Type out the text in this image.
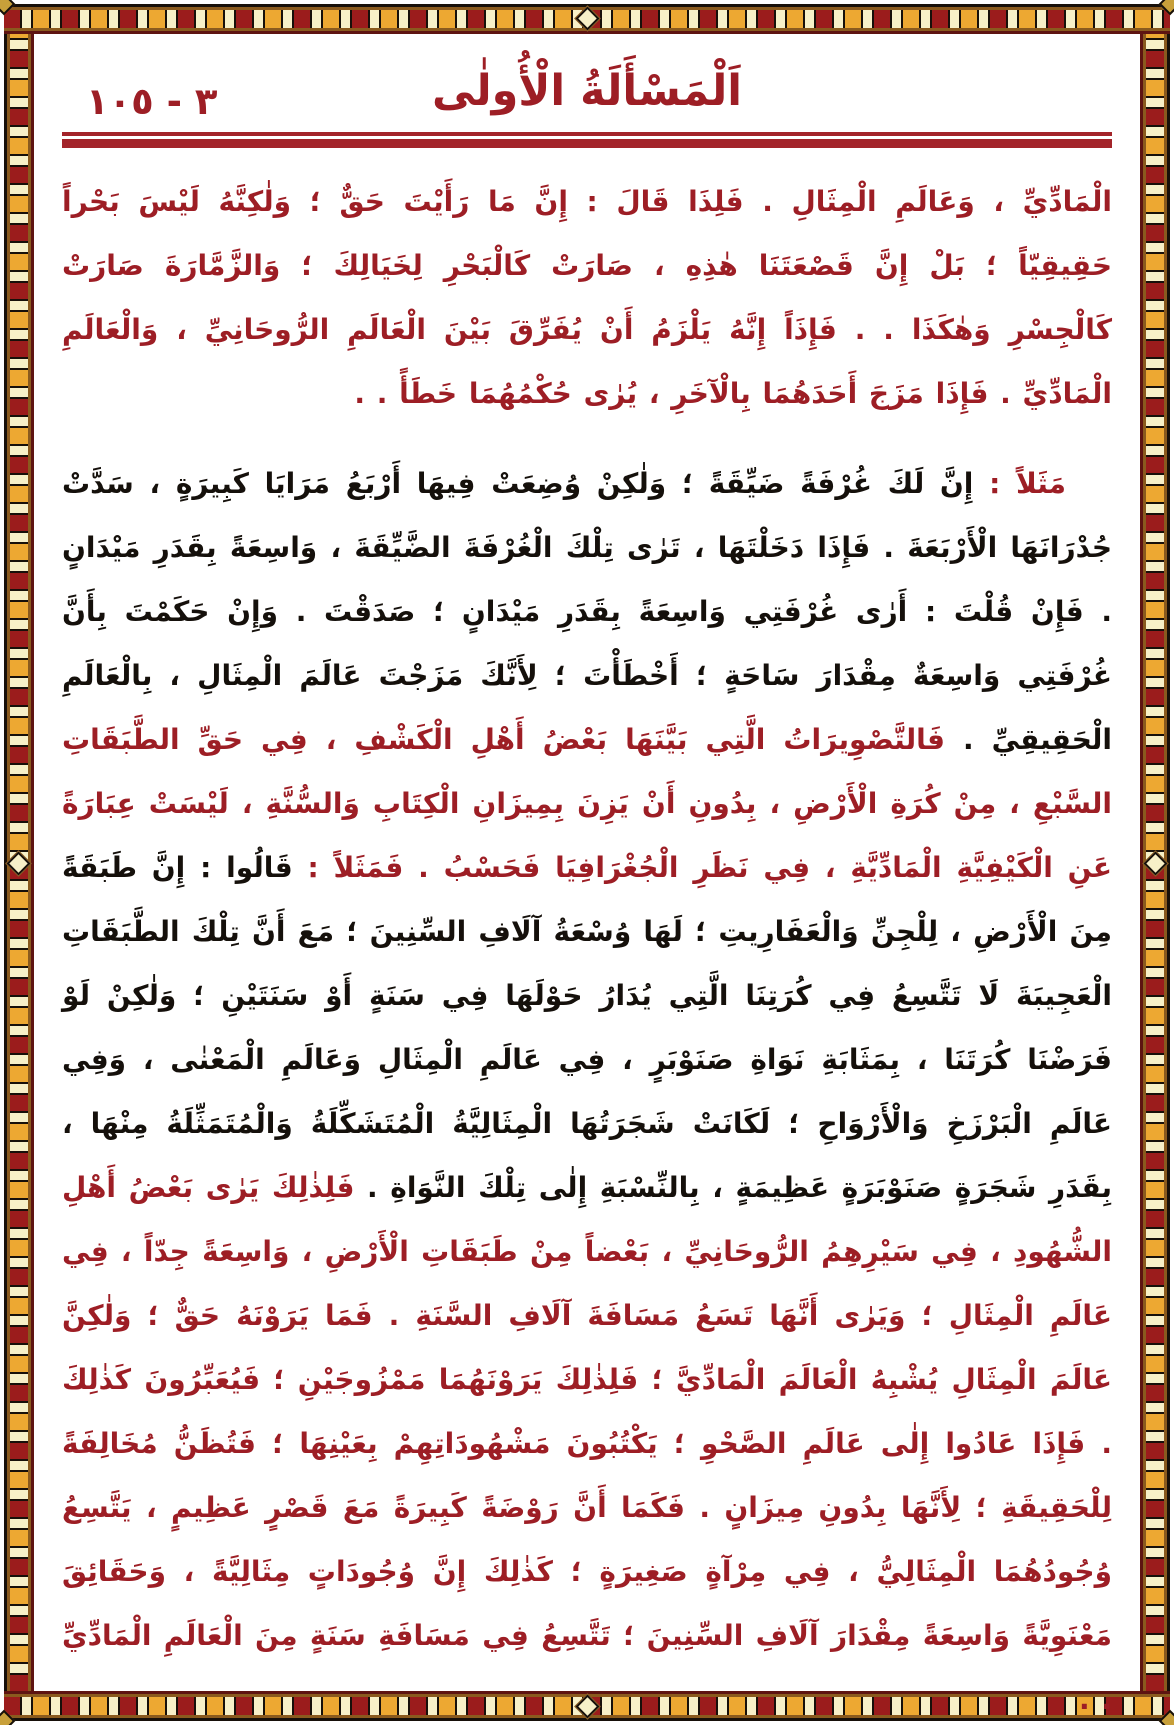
٣ - ١٠٥	اَلْمَسْأَلَةُ الْأُولٰى

الْمَادِّيِّ ، وَعَالَمِ الْمِثَالِ . فَلِذَا قَالَ : إِنَّ مَا رَأَيْتَ حَقٌّ ؛ وَلٰكِنَّهُ لَيْسَ بَحْراً حَقِيقِيّاً ؛ بَلْ إِنَّ قَصْعَتَنَا هٰذِهِ ، صَارَتْ كَالْبَحْرِ لِخَيَالِكَ ؛ وَالزَّمَّارَةَ صَارَتْ كَالْجِسْرِ وَهٰكَذَا . . فَإِذَاً إِنَّهُ يَلْزَمُ أَنْ يُفَرِّقَ بَيْنَ الْعَالَمِ الرُّوحَانِيِّ ، وَالْعَالَمِ الْمَادِّيِّ . فَإِذَا مَزَجَ أَحَدَهُمَا بِالْآخَرِ ، يُرٰى حُكْمُهُمَا خَطَأً . .

مَثَلاً : إِنَّ لَكَ غُرْفَةً ضَيِّقَةً ؛ وَلٰكِنْ وُضِعَتْ فِيهَا أَرْبَعُ مَرَايَا كَبِيرَةٍ ، سَدَّتْ جُدْرَانَهَا الْأَرْبَعَةَ . فَإِذَا دَخَلْتَهَا ، تَرٰى تِلْكَ الْغُرْفَةَ الضَّيِّقَةَ ، وَاسِعَةً بِقَدَرِ مَيْدَانٍ . فَإِنْ قُلْتَ : أَرٰى غُرْفَتِي وَاسِعَةً بِقَدَرِ مَيْدَانٍ ؛ صَدَقْتَ . وَإِنْ حَكَمْتَ بِأَنَّ غُرْفَتِي وَاسِعَةٌ مِقْدَارَ سَاحَةٍ ؛ أَخْطَأْتَ ؛ لِأَنَّكَ مَزَجْتَ عَالَمَ الْمِثَالِ ، بِالْعَالَمِ الْحَقِيقِيِّ . فَالتَّصْوِيرَاتُ الَّتِي بَيَّنَهَا بَعْضُ أَهْلِ الْكَشْفِ ، فِي حَقِّ الطَّبَقَاتِ السَّبْعِ ، مِنْ كُرَةِ الْأَرْضِ ، بِدُونِ أَنْ يَزِنَ بِمِيزَانِ الْكِتَابِ وَالسُّنَّةِ ، لَيْسَتْ عِبَارَةً عَنِ الْكَيْفِيَّةِ الْمَادِّيَّةِ ، فِي نَظَرِ الْجُغْرَافِيَا فَحَسْبُ . فَمَثَلاً : قَالُوا : إِنَّ طَبَقَةً مِنَ الْأَرْضِ ، لِلْجِنِّ وَالْعَفَارِيتِ ؛ لَهَا وُسْعَةُ آلَافِ السِّنِينَ ؛ مَعَ أَنَّ تِلْكَ الطَّبَقَاتِ الْعَجِيبَةَ لَا تَتَّسِعُ فِي كُرَتِنَا الَّتِي يُدَارُ حَوْلَهَا فِي سَنَةٍ أَوْ سَنَتَيْنِ ؛ وَلٰكِنْ لَوْ فَرَضْنَا كُرَتَنَا ، بِمَثَابَةِ نَوَاةِ صَنَوْبَرٍ ، فِي عَالَمِ الْمِثَالِ وَعَالَمِ الْمَعْنٰى ، وَفِي عَالَمِ الْبَرْزَخِ وَالْأَرْوَاحِ ؛ لَكَانَتْ شَجَرَتُهَا الْمِثَالِيَّةُ الْمُتَشَكِّلَةُ وَالْمُتَمَثِّلَةُ مِنْهَا ، بِقَدَرِ شَجَرَةٍ صَنَوْبَرَةٍ عَظِيمَةٍ ، بِالنِّسْبَةِ إِلٰى تِلْكَ النَّوَاةِ . فَلِذٰلِكَ يَرٰى بَعْضُ أَهْلِ الشُّهُودِ ، فِي سَيْرِهِمُ الرُّوحَانِيِّ ، بَعْضاً مِنْ طَبَقَاتِ الْأَرْضِ ، وَاسِعَةً جِدّاً ، فِي عَالَمِ الْمِثَالِ ؛ وَيَرٰى أَنَّهَا تَسَعُ مَسَافَةَ آلَافِ السَّنَةِ . فَمَا يَرَوْنَهُ حَقٌّ ؛ وَلٰكِنَّ عَالَمَ الْمِثَالِ يُشْبِهُ الْعَالَمَ الْمَادِّيَّ ؛ فَلِذٰلِكَ يَرَوْنَهُمَا مَمْزُوجَيْنِ ؛ فَيُعَبِّرُونَ كَذٰلِكَ . فَإِذَا عَادُوا إِلٰى عَالَمِ الصَّحْوِ ؛ يَكْتُبُونَ مَشْهُودَاتِهِمْ بِعَيْنِهَا ؛ فَتُظَنُّ مُخَالِفَةً لِلْحَقِيقَةِ ؛ لِأَنَّهَا بِدُونِ مِيزَانٍ . فَكَمَا أَنَّ رَوْضَةً كَبِيرَةً مَعَ قَصْرٍ عَظِيمٍ ، يَتَّسِعُ وُجُودُهُمَا الْمِثَالِيُّ ، فِي مِرْآةٍ صَغِيرَةٍ ؛ كَذٰلِكَ إِنَّ وُجُودَاتٍ مِثَالِيَّةً ، وَحَقَائِقَ مَعْنَوِيَّةً وَاسِعَةً مِقْدَارَ آلَافِ السِّنِينَ ؛ تَتَّسِعُ فِي مَسَافَةِ سَنَةٍ مِنَ الْعَالَمِ الْمَادِّيِّ . .
